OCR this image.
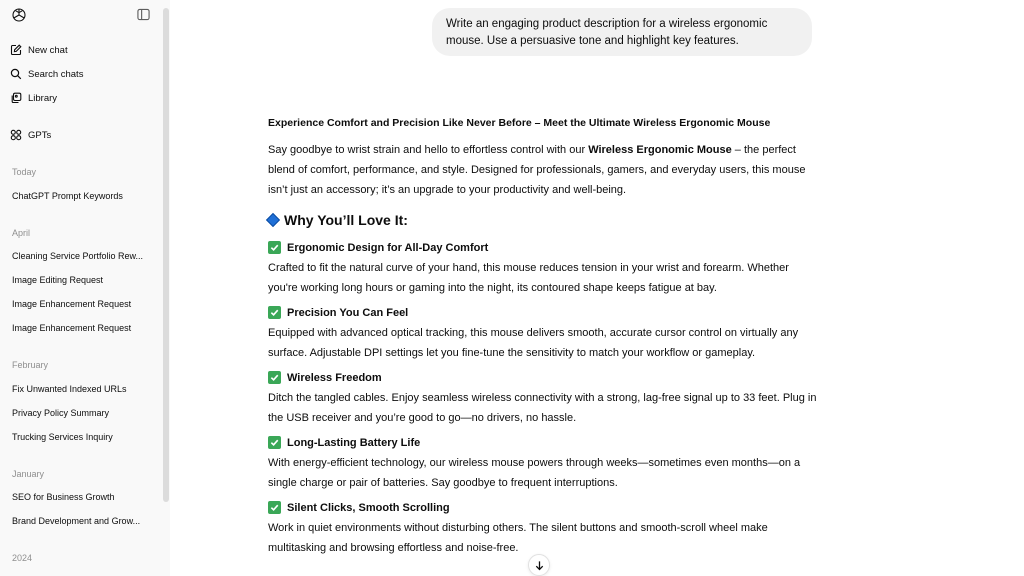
New chat
Search chats
Library
GPTs
Today
ChatGPT Prompt Keywords
April
Cleaning Service Portfolio Rew...
Image Editing Request
Image Enhancement Request
Image Enhancement Request
February
Fix Unwanted Indexed URLs
Privacy Policy Summary
Trucking Services Inquiry
January
SEO for Business Growth
Brand Development and Grow...
2024
Write an engaging product description for a wireless ergonomic mouse. Use a persuasive tone and highlight key features.
Experience Comfort and Precision Like Never Before – Meet the Ultimate Wireless Ergonomic Mouse
Say goodbye to wrist strain and hello to effortless control with our Wireless Ergonomic Mouse – the perfect blend of comfort, performance, and style. Designed for professionals, gamers, and everyday users, this mouse isn’t just an accessory; it’s an upgrade to your productivity and well-being.
Why You’ll Love It:
Ergonomic Design for All-Day Comfort
Crafted to fit the natural curve of your hand, this mouse reduces tension in your wrist and forearm. Whether you're working long hours or gaming into the night, its contoured shape keeps fatigue at bay.
Precision You Can Feel
Equipped with advanced optical tracking, this mouse delivers smooth, accurate cursor control on virtually any surface. Adjustable DPI settings let you fine-tune the sensitivity to match your workflow or gameplay.
Wireless Freedom
Ditch the tangled cables. Enjoy seamless wireless connectivity with a strong, lag-free signal up to 33 feet. Plug in the USB receiver and you’re good to go—no drivers, no hassle.
Long-Lasting Battery Life
With energy-efficient technology, our wireless mouse powers through weeks—sometimes even months—on a single charge or pair of batteries. Say goodbye to frequent interruptions.
Silent Clicks, Smooth Scrolling
Work in quiet environments without disturbing others. The silent buttons and smooth-scroll wheel make multitasking and browsing effortless and noise-free.
